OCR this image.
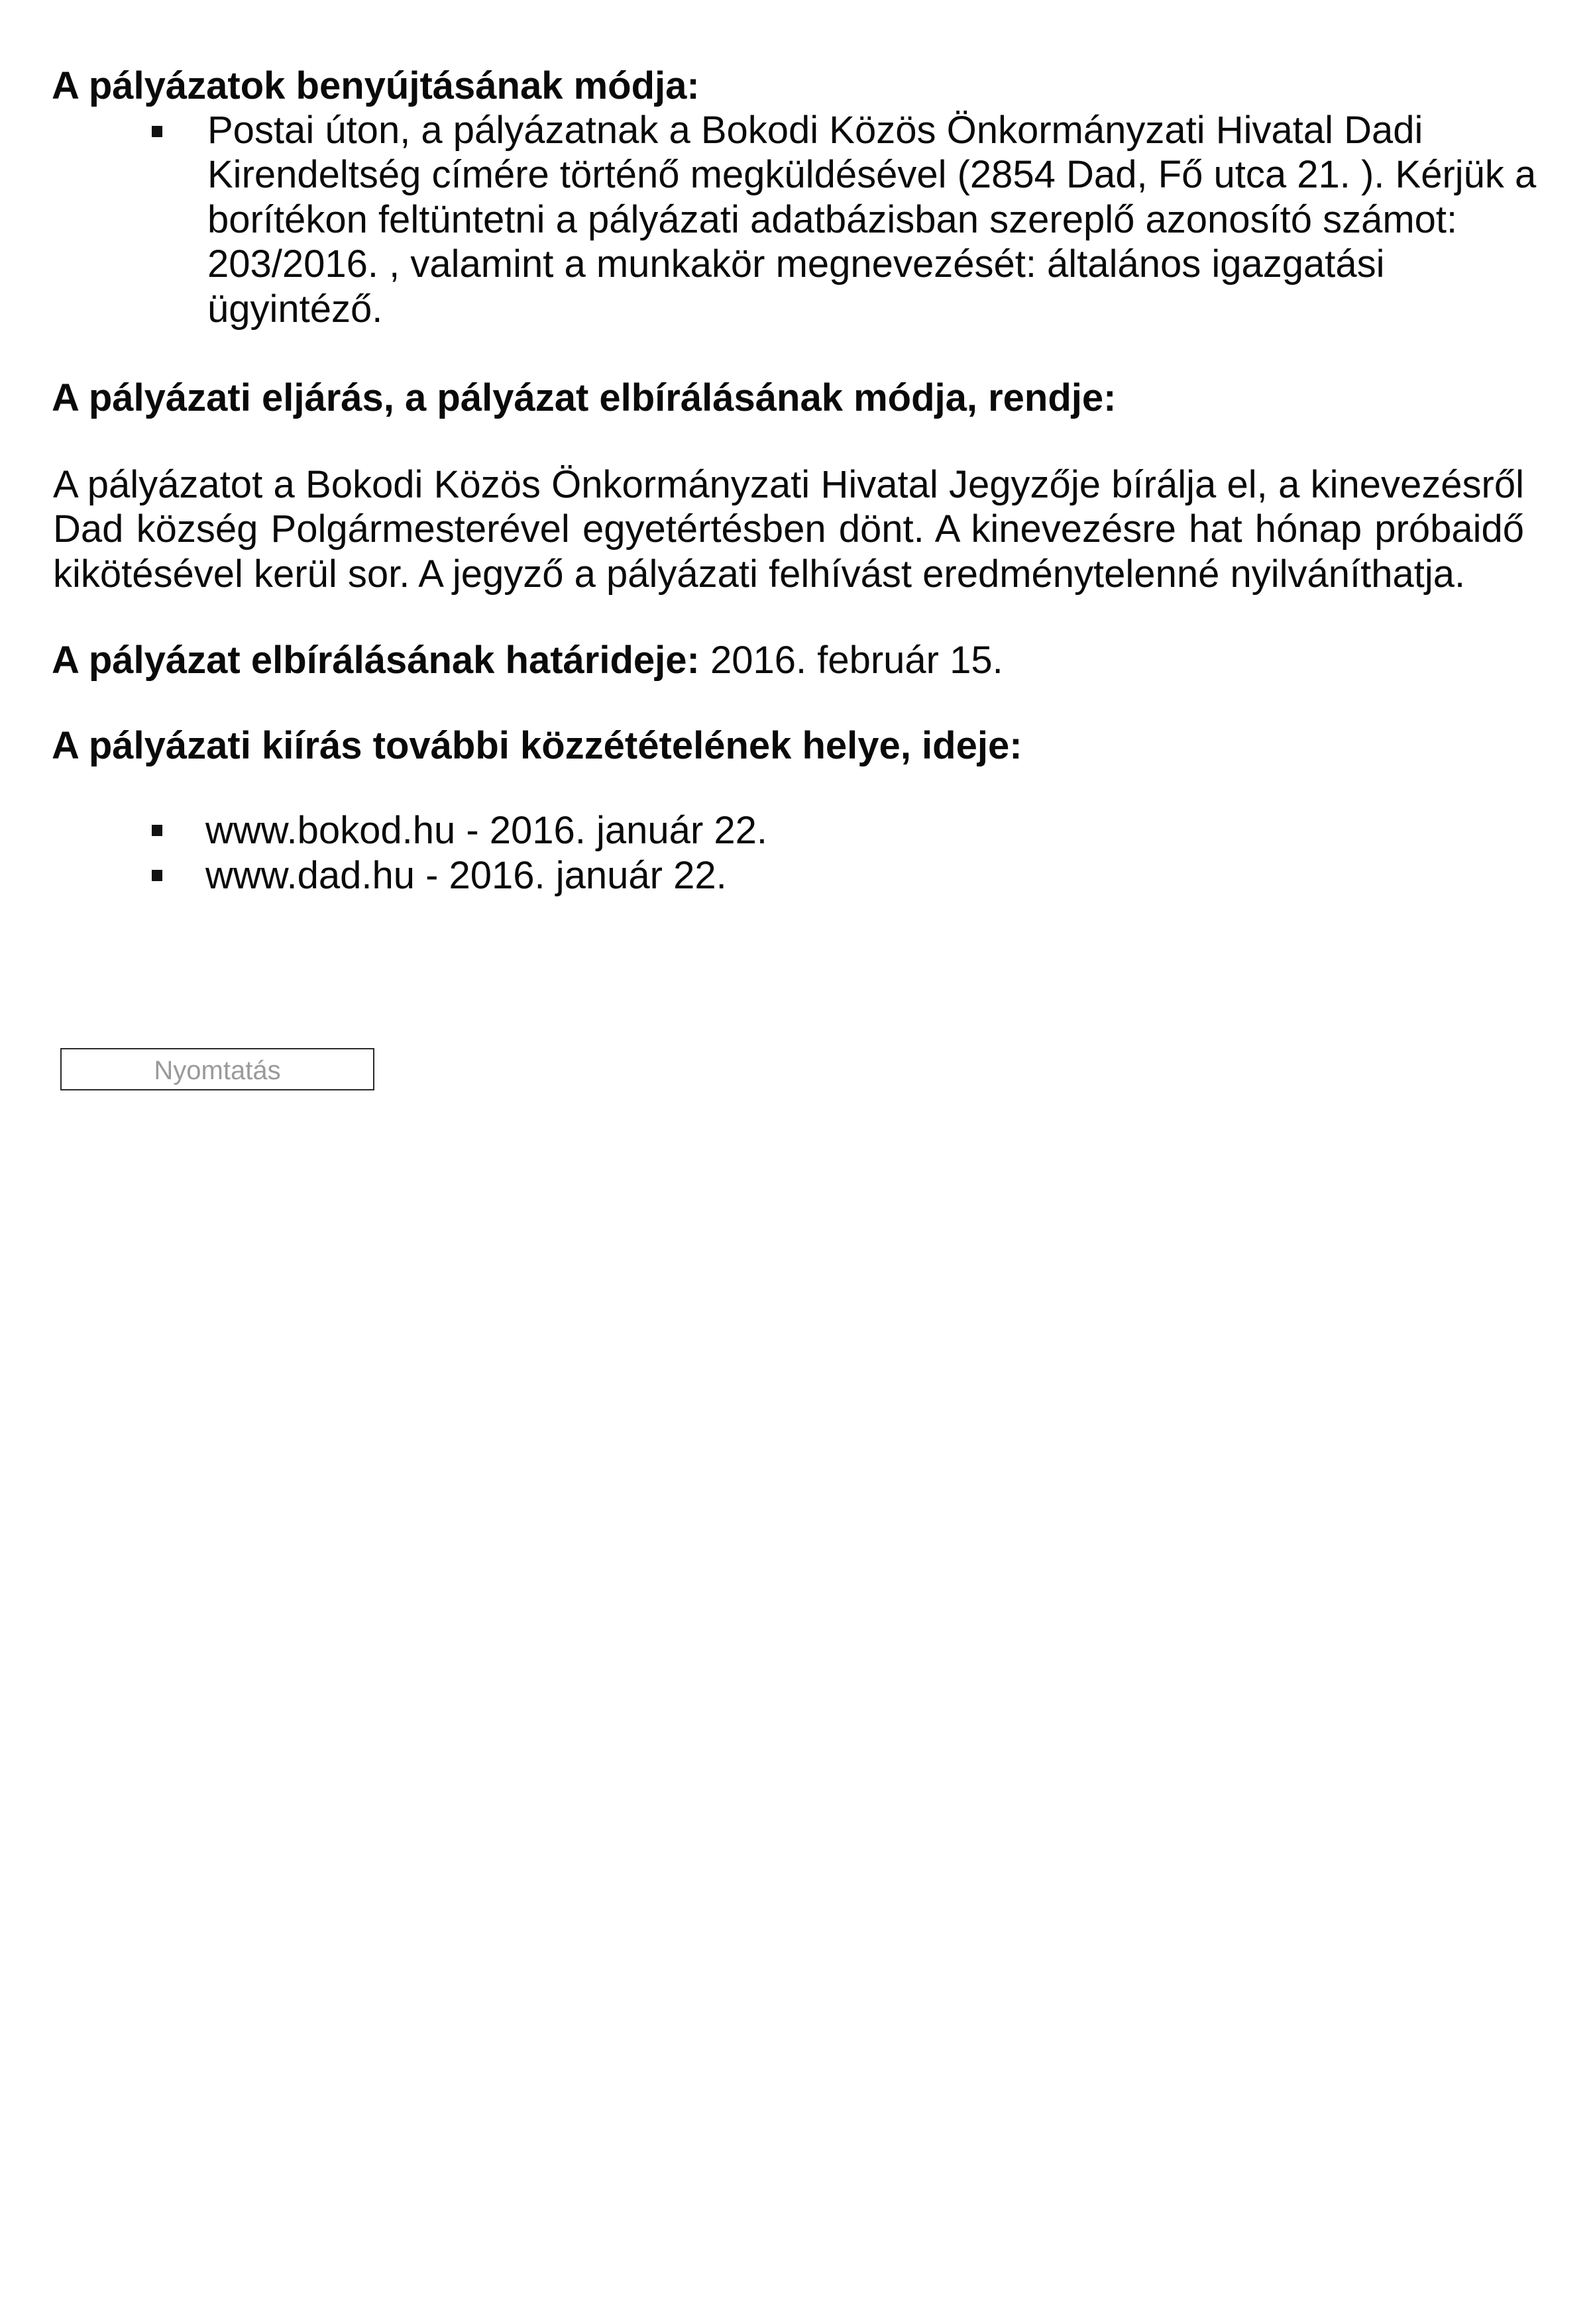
A pályázatok benyújtásának módja:
Postai úton, a pályázatnak a Bokodi Közös Önkormányzati Hivatal Dadi
Kirendeltség címére történő megküldésével (2854 Dad, Fő utca 21. ). Kérjük a
borítékon feltüntetni a pályázati adatbázisban szereplő azonosító számot:
203/2016. , valamint a munkakör megnevezését: általános igazgatási
ügyintéző.
A pályázati eljárás, a pályázat elbírálásának módja, rendje:
A pályázatot a Bokodi Közös Önkormányzati Hivatal Jegyzője bírálja el, a kinevezésről
Dad község Polgármesterével egyetértésben dönt. A kinevezésre hat hónap próbaidő
kikötésével kerül sor. A jegyző a pályázati felhívást eredménytelenné nyilváníthatja.
A pályázat elbírálásának határideje: 2016. február 15.
A pályázati kiírás további közzétételének helye, ideje:
www.bokod.hu - 2016. január 22.
www.dad.hu - 2016. január 22.
Nyomtatás
